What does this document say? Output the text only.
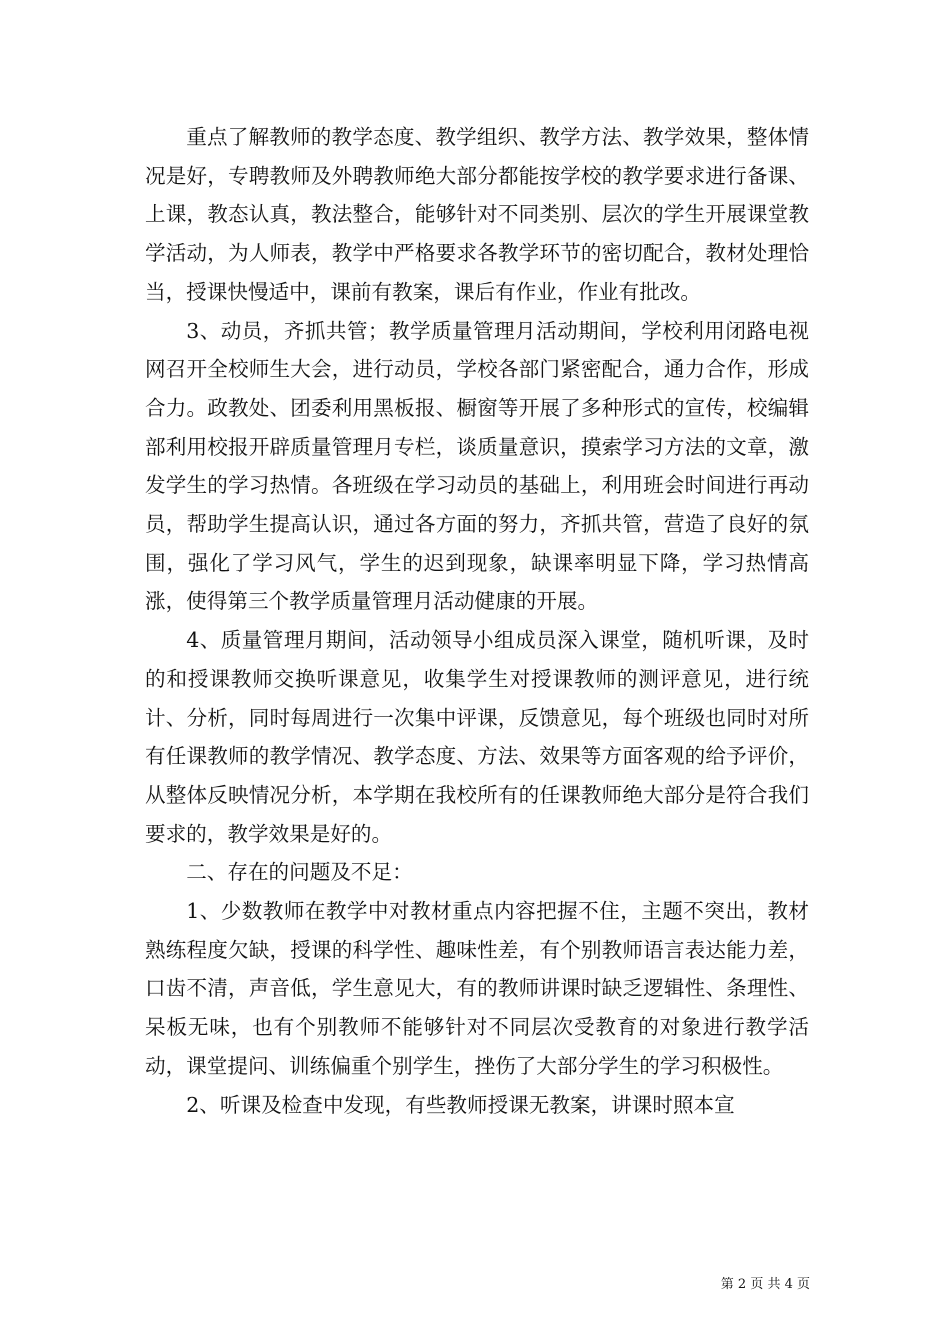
重点了解教师的教学态度、教学组织、教学方法、教学效果，整体情况是好，专聘教师及外聘教师绝大部分都能按学校的教学要求进行备课、上课，教态认真，教法整合，能够针对不同类别、层次的学生开展课堂教学活动，为人师表，教学中严格要求各教学环节的密切配合，教材处理恰当，授课快慢适中，课前有教案，课后有作业，作业有批改。

3、动员，齐抓共管；教学质量管理月活动期间，学校利用闭路电视网召开全校师生大会，进行动员，学校各部门紧密配合，通力合作，形成合力。政教处、团委利用黑板报、橱窗等开展了多种形式的宣传，校编辑部利用校报开辟质量管理月专栏，谈质量意识，摸索学习方法的文章，激发学生的学习热情。各班级在学习动员的基础上，利用班会时间进行再动员，帮助学生提高认识，通过各方面的努力，齐抓共管，营造了良好的氛围，强化了学习风气，学生的迟到现象，缺课率明显下降，学习热情高涨，使得第三个教学质量管理月活动健康的开展。

4、质量管理月期间，活动领导小组成员深入课堂，随机听课，及时的和授课教师交换听课意见，收集学生对授课教师的测评意见，进行统计、分析，同时每周进行一次集中评课，反馈意见，每个班级也同时对所有任课教师的教学情况、教学态度、方法、效果等方面客观的给予评价，从整体反映情况分析，本学期在我校所有的任课教师绝大部分是符合我们要求的，教学效果是好的。

二、存在的问题及不足：

1、少数教师在教学中对教材重点内容把握不住，主题不突出，教材熟练程度欠缺，授课的科学性、趣味性差，有个别教师语言表达能力差，口齿不清，声音低，学生意见大，有的教师讲课时缺乏逻辑性、条理性、呆板无味，也有个别教师不能够针对不同层次受教育的对象进行教学活动，课堂提问、训练偏重个别学生，挫伤了大部分学生的学习积极性。

2、听课及检查中发现，有些教师授课无教案，讲课时照本宣

第 2 页 共 4 页
